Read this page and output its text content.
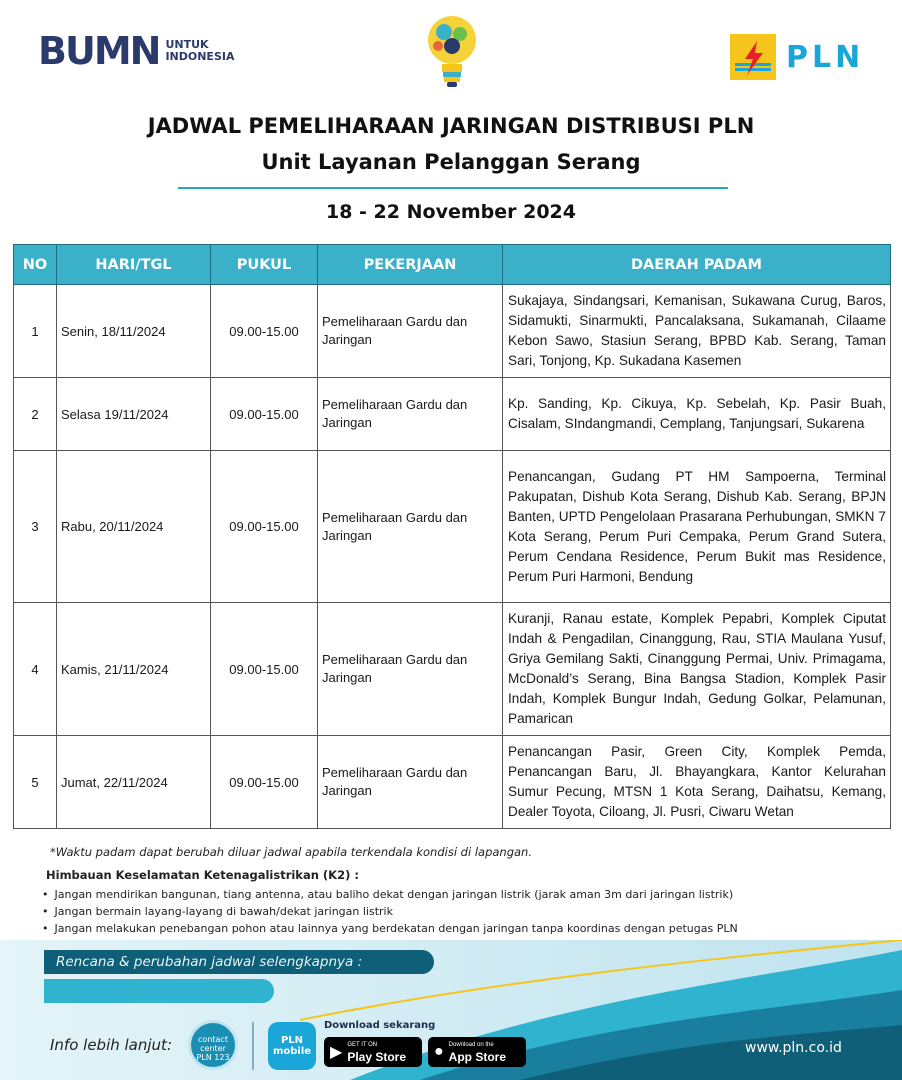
BUMN UNTUK
INDONESIA	PLN
JADWAL PEMELIHARAAN JARINGAN DISTRIBUSI PLN
Unit Layanan Pelanggan Serang
18 - 22 November 2024
NO	HARI/TGL	PUKUL	PEKERJAAN	DAERAH PADAM
1	Senin, 18/11/2024	09.00-15.00	Pemeliharaan Gardu dan Jaringan	Sukajaya, Sindangsari, Kemanisan, Sukawana Curug, Baros, Sidamukti, Sinarmukti, Pancalaksana, Sukamanah, Cilaame Kebon Sawo, Stasiun Serang, BPBD Kab. Serang, Taman Sari, Tonjong, Kp. Sukadana Kasemen
2	Selasa 19/11/2024	09.00-15.00	Pemeliharaan Gardu dan Jaringan	Kp. Sanding, Kp. Cikuya, Kp. Sebelah, Kp. Pasir Buah, Cisalam, SIndangmandi, Cemplang, Tanjungsari, Sukarena
3	Rabu, 20/11/2024	09.00-15.00	Pemeliharaan Gardu dan Jaringan	Penancangan, Gudang PT HM Sampoerna, Terminal Pakupatan, Dishub Kota Serang, Dishub Kab. Serang, BPJN Banten, UPTD Pengelolaan Prasarana Perhubungan, SMKN 7 Kota Serang, Perum Puri Cempaka, Perum Grand Sutera, Perum Cendana Residence, Perum Bukit mas Residence, Perum Puri Harmoni, Bendung
4	Kamis, 21/11/2024	09.00-15.00	Pemeliharaan Gardu dan Jaringan	Kuranji, Ranau estate, Komplek Pepabri, Komplek Ciputat Indah & Pengadilan, Cinanggung, Rau, STIA Maulana Yusuf, Griya Gemilang Sakti, Cinanggung Permai, Univ. Primagama, McDonald’s Serang, Bina Bangsa Stadion, Komplek Pasir Indah, Komplek Bungur Indah, Gedung Golkar, Pelamunan, Pamarican
5	Jumat, 22/11/2024	09.00-15.00	Pemeliharaan Gardu dan Jaringan	Penancangan Pasir, Green City, Komplek Pemda, Penancangan Baru, Jl. Bhayangkara, Kantor Kelurahan Sumur Pecung, MTSN 1 Kota Serang, Daihatsu, Kemang, Dealer Toyota, Ciloang, Jl. Pusri, Ciwaru Wetan
*Waktu padam dapat berubah diluar jadwal apabila terkendala kondisi di lapangan.
Himbauan Keselamatan Ketenagalistrikan (K2) :
• Jangan mendirikan bangunan, tiang antenna, atau baliho dekat dengan jaringan listrik (jarak aman 3m dari jaringan listrik)
• Jangan bermain layang-layang di bawah/dekat jaringan listrik
• Jangan melakukan penebangan pohon atau lainnya yang berdekatan dengan jaringan tanpa koordinas dengan petugas PLN
Rencana & perubahan jadwal selengkapnya :
Info lebih lanjut:	contact
center
PLN 123
PLN
mobile
Download sekarang
▶ GET IT ON
Play Store ● Download on the
App Store
www.pln.co.id
